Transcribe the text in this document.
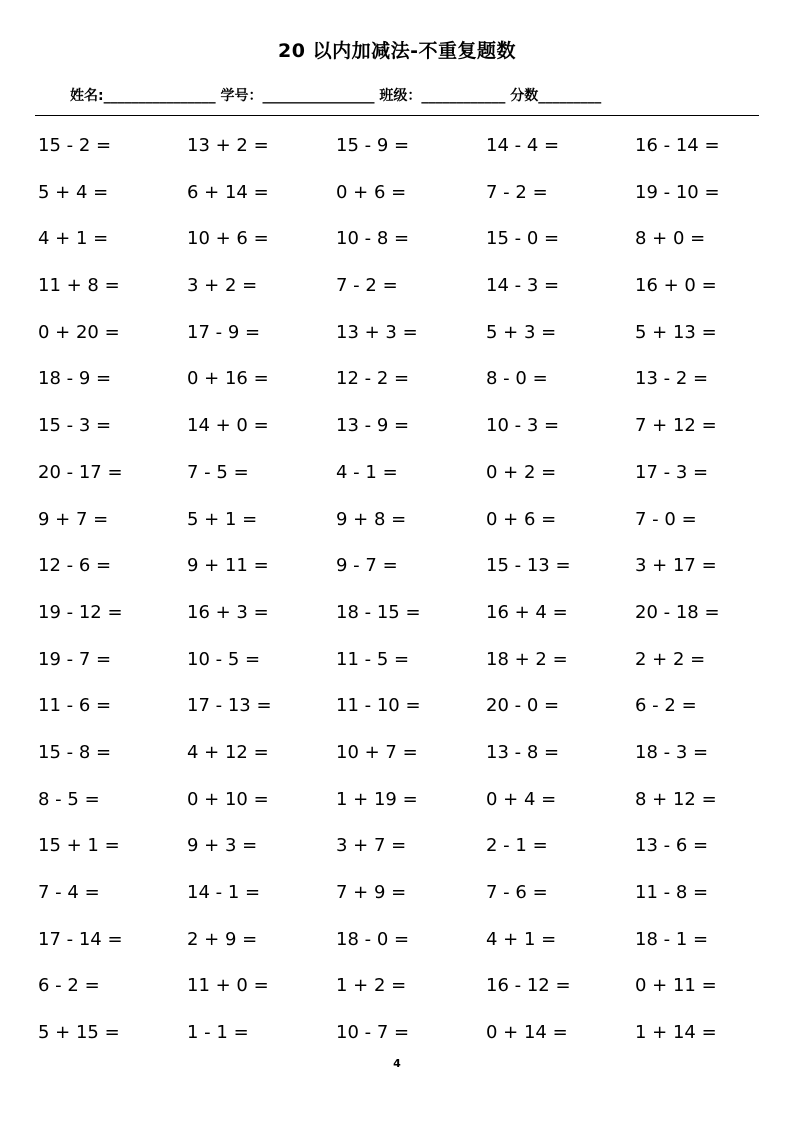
20 以内加减法-不重复题数
姓名:________________ 学号：________________ 班级：____________ 分数_________
15 - 2 =	13 + 2 =	15 - 9 =	14 - 4 =	16 - 14 =
5 + 4 =	6 + 14 =	0 + 6 =	7 - 2 =	19 - 10 =
4 + 1 =	10 + 6 =	10 - 8 =	15 - 0 =	8 + 0 =
11 + 8 =	3 + 2 =	7 - 2 =	14 - 3 =	16 + 0 =
0 + 20 =	17 - 9 =	13 + 3 =	5 + 3 =	5 + 13 =
18 - 9 =	0 + 16 =	12 - 2 =	8 - 0 =	13 - 2 =
15 - 3 =	14 + 0 =	13 - 9 =	10 - 3 =	7 + 12 =
20 - 17 =	7 - 5 =	4 - 1 =	0 + 2 =	17 - 3 =
9 + 7 =	5 + 1 =	9 + 8 =	0 + 6 =	7 - 0 =
12 - 6 =	9 + 11 =	9 - 7 =	15 - 13 =	3 + 17 =
19 - 12 =	16 + 3 =	18 - 15 =	16 + 4 =	20 - 18 =
19 - 7 =	10 - 5 =	11 - 5 =	18 + 2 =	2 + 2 =
11 - 6 =	17 - 13 =	11 - 10 =	20 - 0 =	6 - 2 =
15 - 8 =	4 + 12 =	10 + 7 =	13 - 8 =	18 - 3 =
8 - 5 =	0 + 10 =	1 + 19 =	0 + 4 =	8 + 12 =
15 + 1 =	9 + 3 =	3 + 7 =	2 - 1 =	13 - 6 =
7 - 4 =	14 - 1 =	7 + 9 =	7 - 6 =	11 - 8 =
17 - 14 =	2 + 9 =	18 - 0 =	4 + 1 =	18 - 1 =
6 - 2 =	11 + 0 =	1 + 2 =	16 - 12 =	0 + 11 =
5 + 15 =	1 - 1 =	10 - 7 =	0 + 14 =	1 + 14 =
4
